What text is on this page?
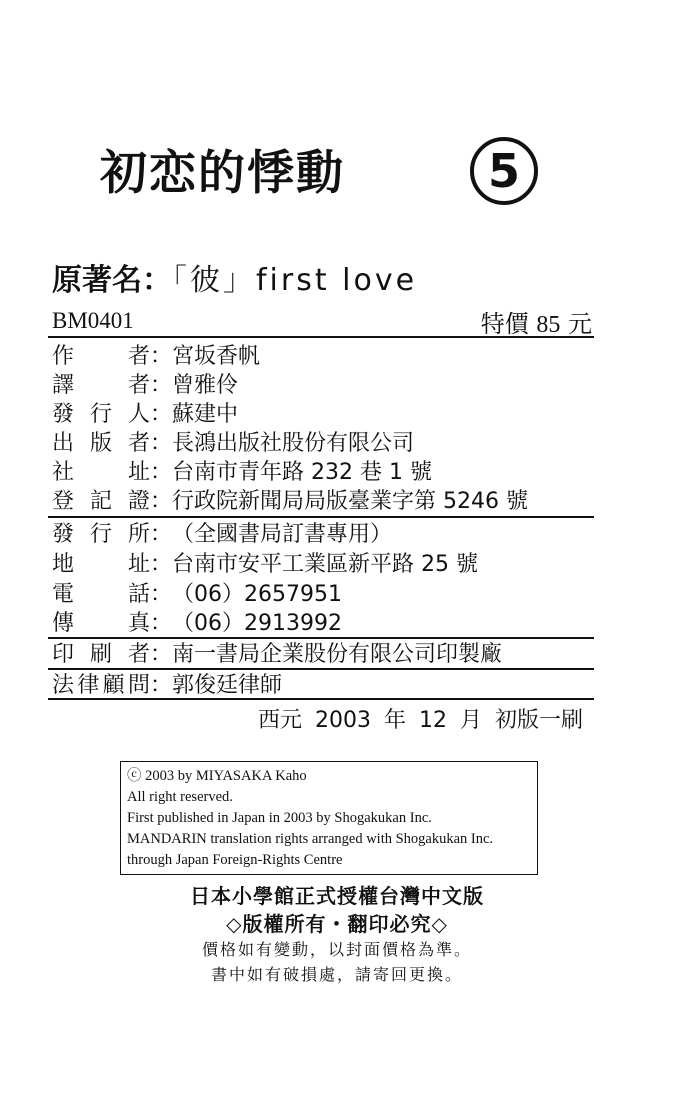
初恋的悸動	5
原著名：「彼」first love
BM0401	特價 85 元
作者 ： 宮坂香帆
譯者 ： 曾雅伶
發行人 ： 蘇建中
出版者 ： 長鴻出版社股份有限公司
社址 ： 台南市青年路 232 巷 1 號
登記證 ： 行政院新聞局局版臺業字第 5246 號
發行所 ： （全國書局訂書專用）
地址 ： 台南市安平工業區新平路 25 號
電話 ： （06）2657951
傳真 ： （06）2913992
印刷者 ： 南一書局企業股份有限公司印製廠
法律顧問 ： 郭俊廷律師
西元 2003 年 12 月 初版一刷
ⓒ 2003 by MIYASAKA Kaho
All right reserved.
First published in Japan in 2003 by Shogakukan Inc.
MANDARIN translation rights arranged with Shogakukan Inc.
through Japan Foreign-Rights Centre
日本小學館正式授權台灣中文版
◇版權所有・翻印必究◇
價格如有變動，以封面價格為準。
書中如有破損處，請寄回更換。
